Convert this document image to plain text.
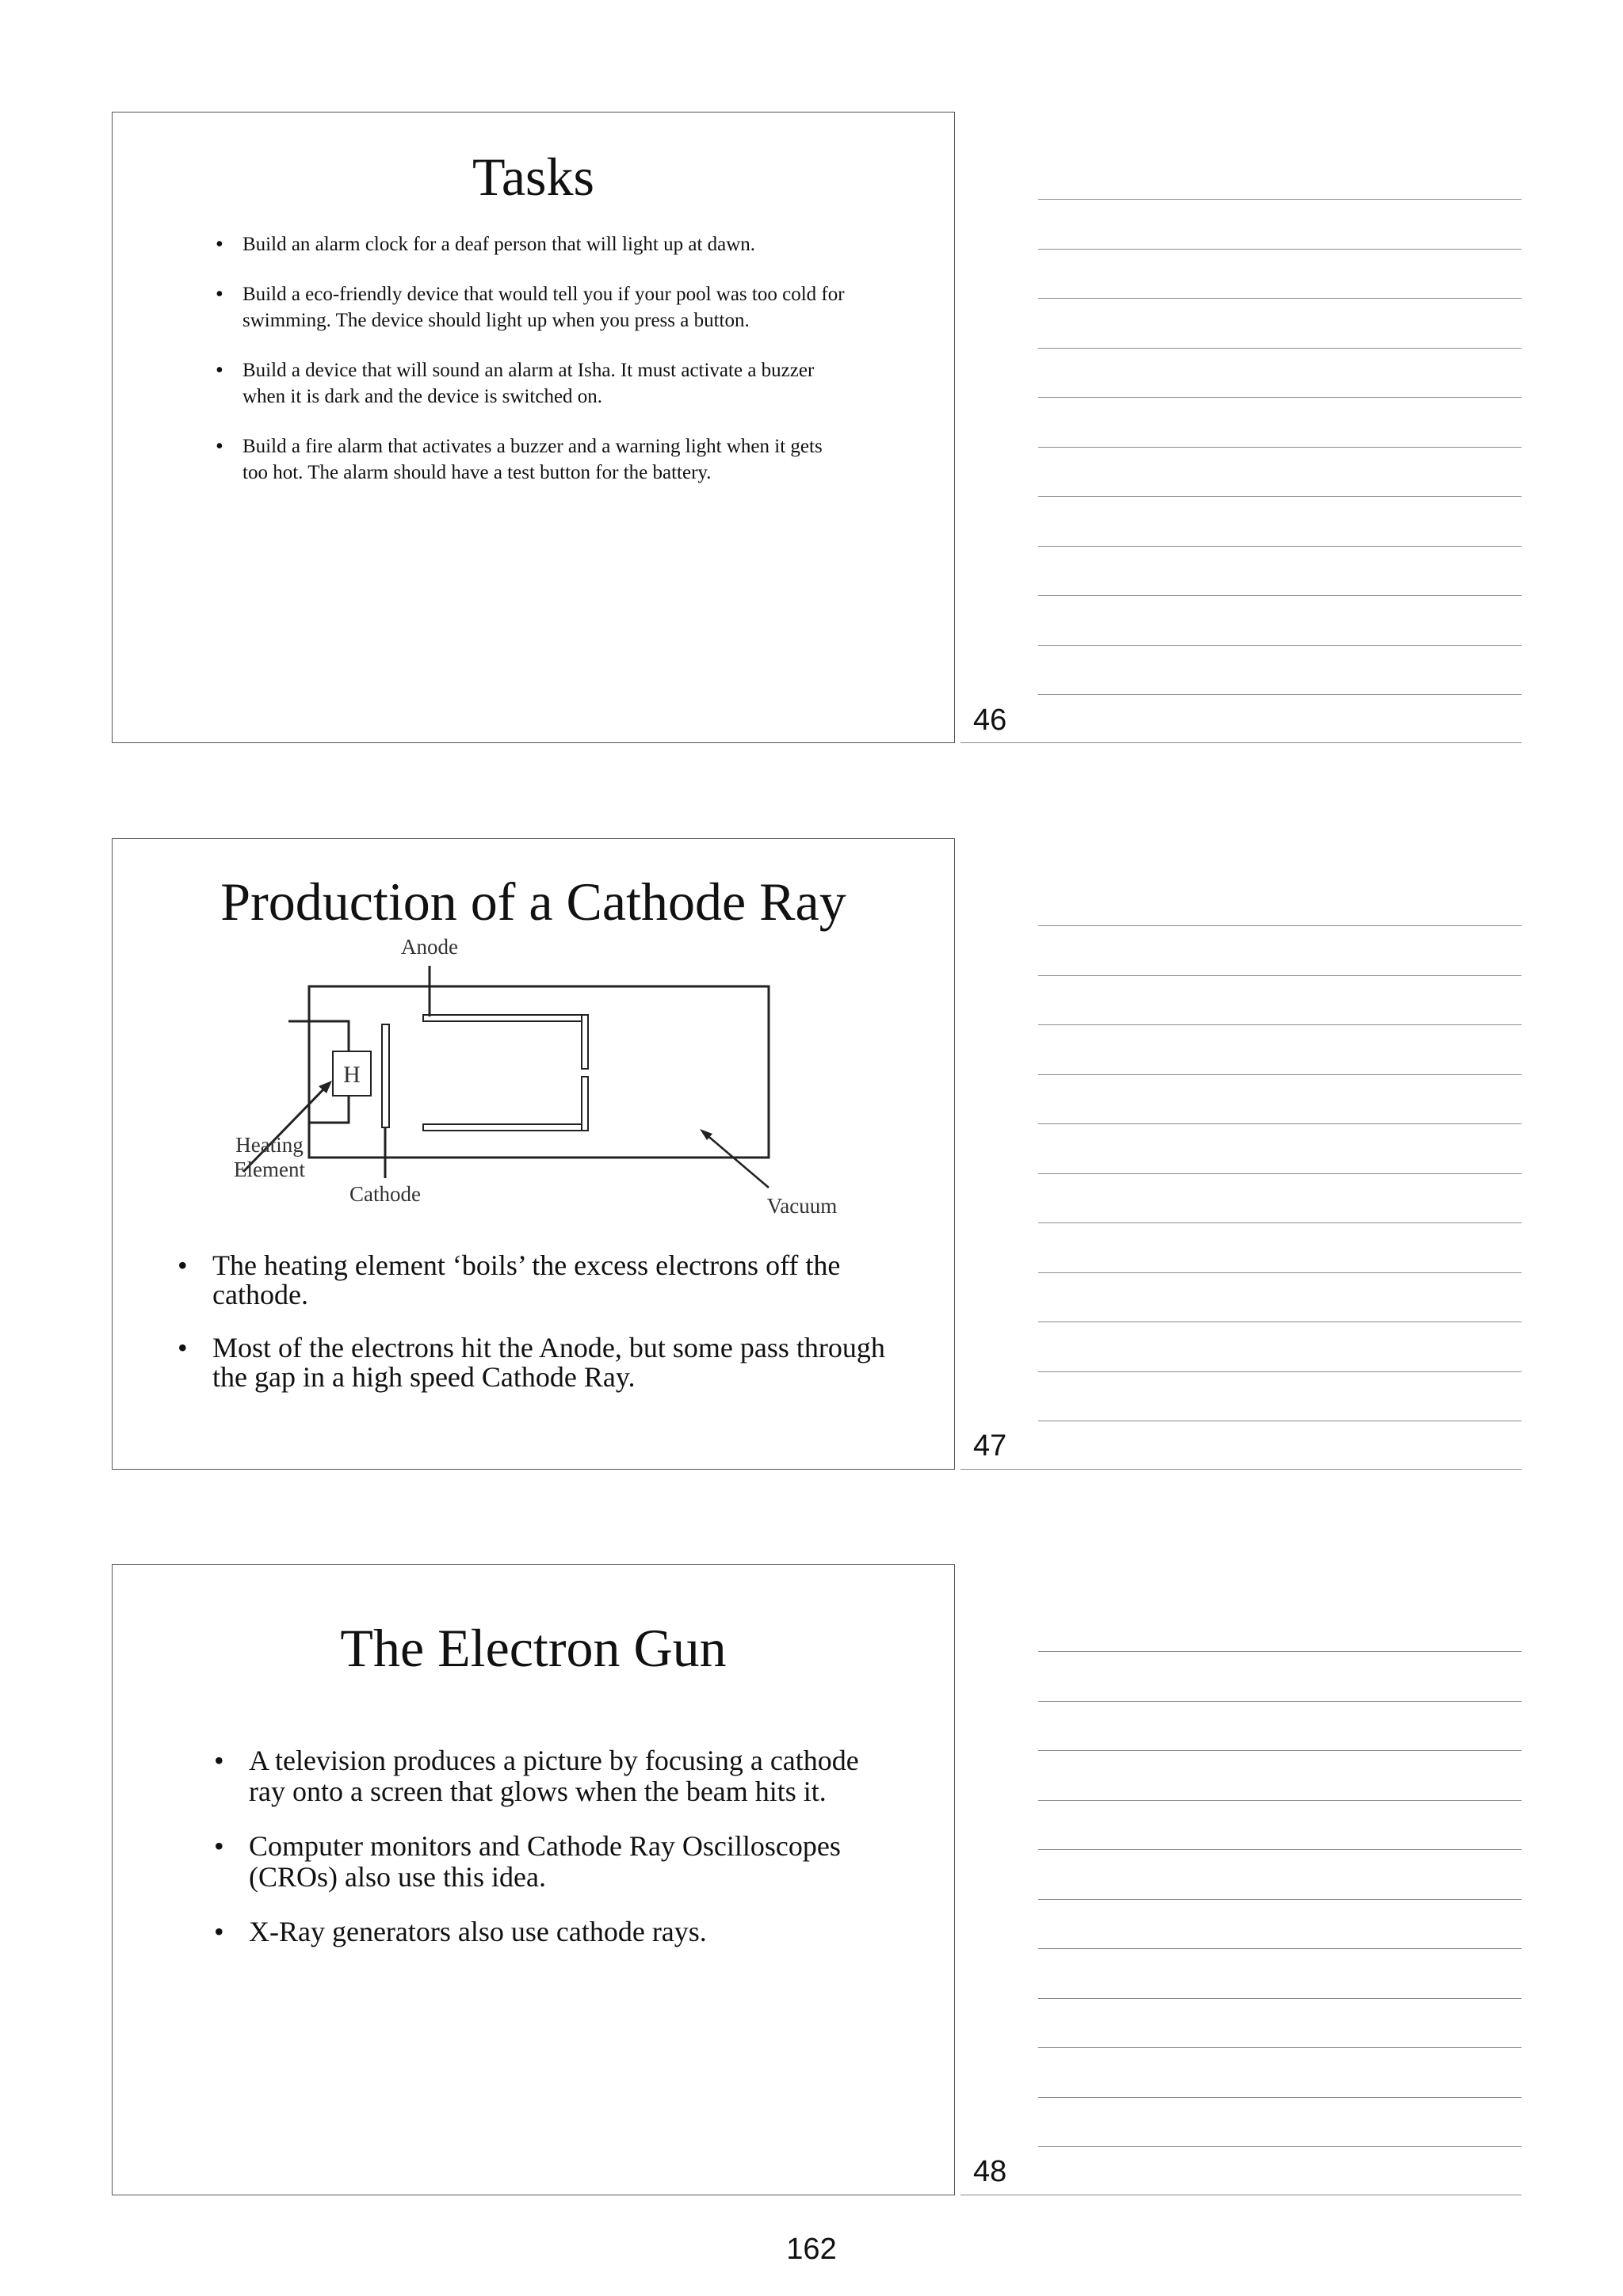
Tasks
• Build an alarm clock for a deaf person that will light up at dawn.
• Build a eco-friendly device that would tell you if your pool was too cold for swimming. The device should light up when you press a button.
• Build a device that will sound an alarm at Isha. It must activate a buzzer when it is dark and the device is switched on.
• Build a fire alarm that activates a buzzer and a warning light when it gets too hot. The alarm should have a test button for the battery.
46
Production of a Cathode Ray
H
Anode
Heating
Element
Cathode	Vacuum
• The heating element ‘boils’ the excess electrons off the cathode.
• Most of the electrons hit the Anode, but some pass through the gap in a high speed Cathode Ray.
47
The Electron Gun
• A television produces a picture by focusing a cathode ray onto a screen that glows when the beam hits it.
• Computer monitors and Cathode Ray Oscilloscopes (CROs) also use this idea.
• X-Ray generators also use cathode rays.
48
162
